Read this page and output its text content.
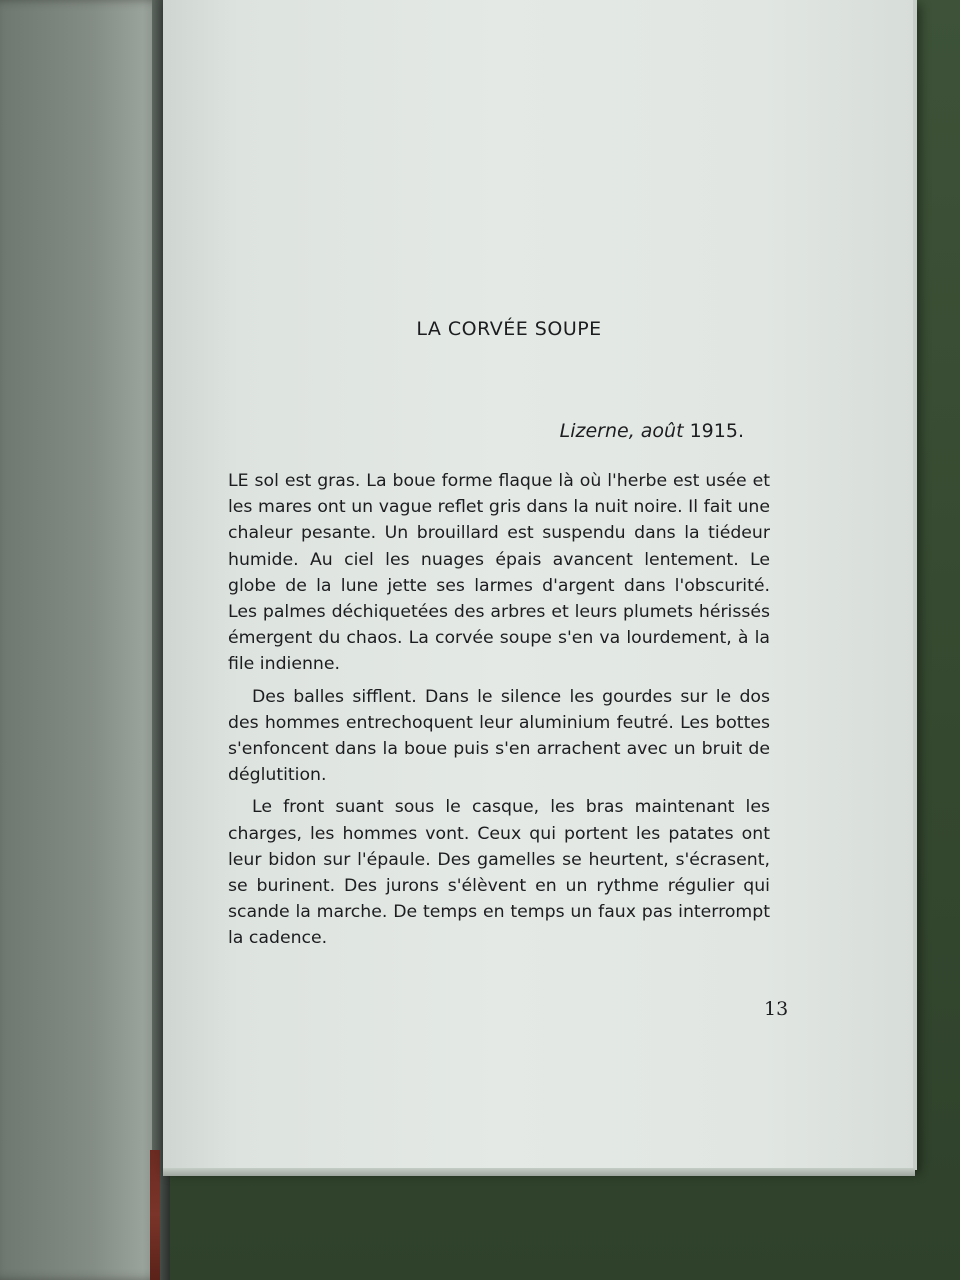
LA CORVÉE SOUPE
Lizerne, août 1915.

LE sol est gras. La boue forme flaque là où l'herbe est usée et les mares ont un vague reflet gris dans la nuit noire. Il fait une chaleur pesante. Un brouillard est suspendu dans la tiédeur humide. Au ciel les nuages épais avancent lentement. Le globe de la lune jette ses larmes d'argent dans l'obscurité. Les palmes déchiquetées des arbres et leurs plumets hérissés émergent du chaos. La corvée soupe s'en va lourdement, à la file indienne.

Des balles sifflent. Dans le silence les gourdes sur le dos des hommes entrechoquent leur aluminium feutré. Les bottes s'enfoncent dans la boue puis s'en arrachent avec un bruit de déglutition.

Le front suant sous le casque, les bras maintenant les charges, les hommes vont. Ceux qui portent les patates ont leur bidon sur l'épaule. Des gamelles se heurtent, s'écrasent, se burinent. Des jurons s'élèvent en un rythme régulier qui scande la marche. De temps en temps un faux pas interrompt la cadence.

13
